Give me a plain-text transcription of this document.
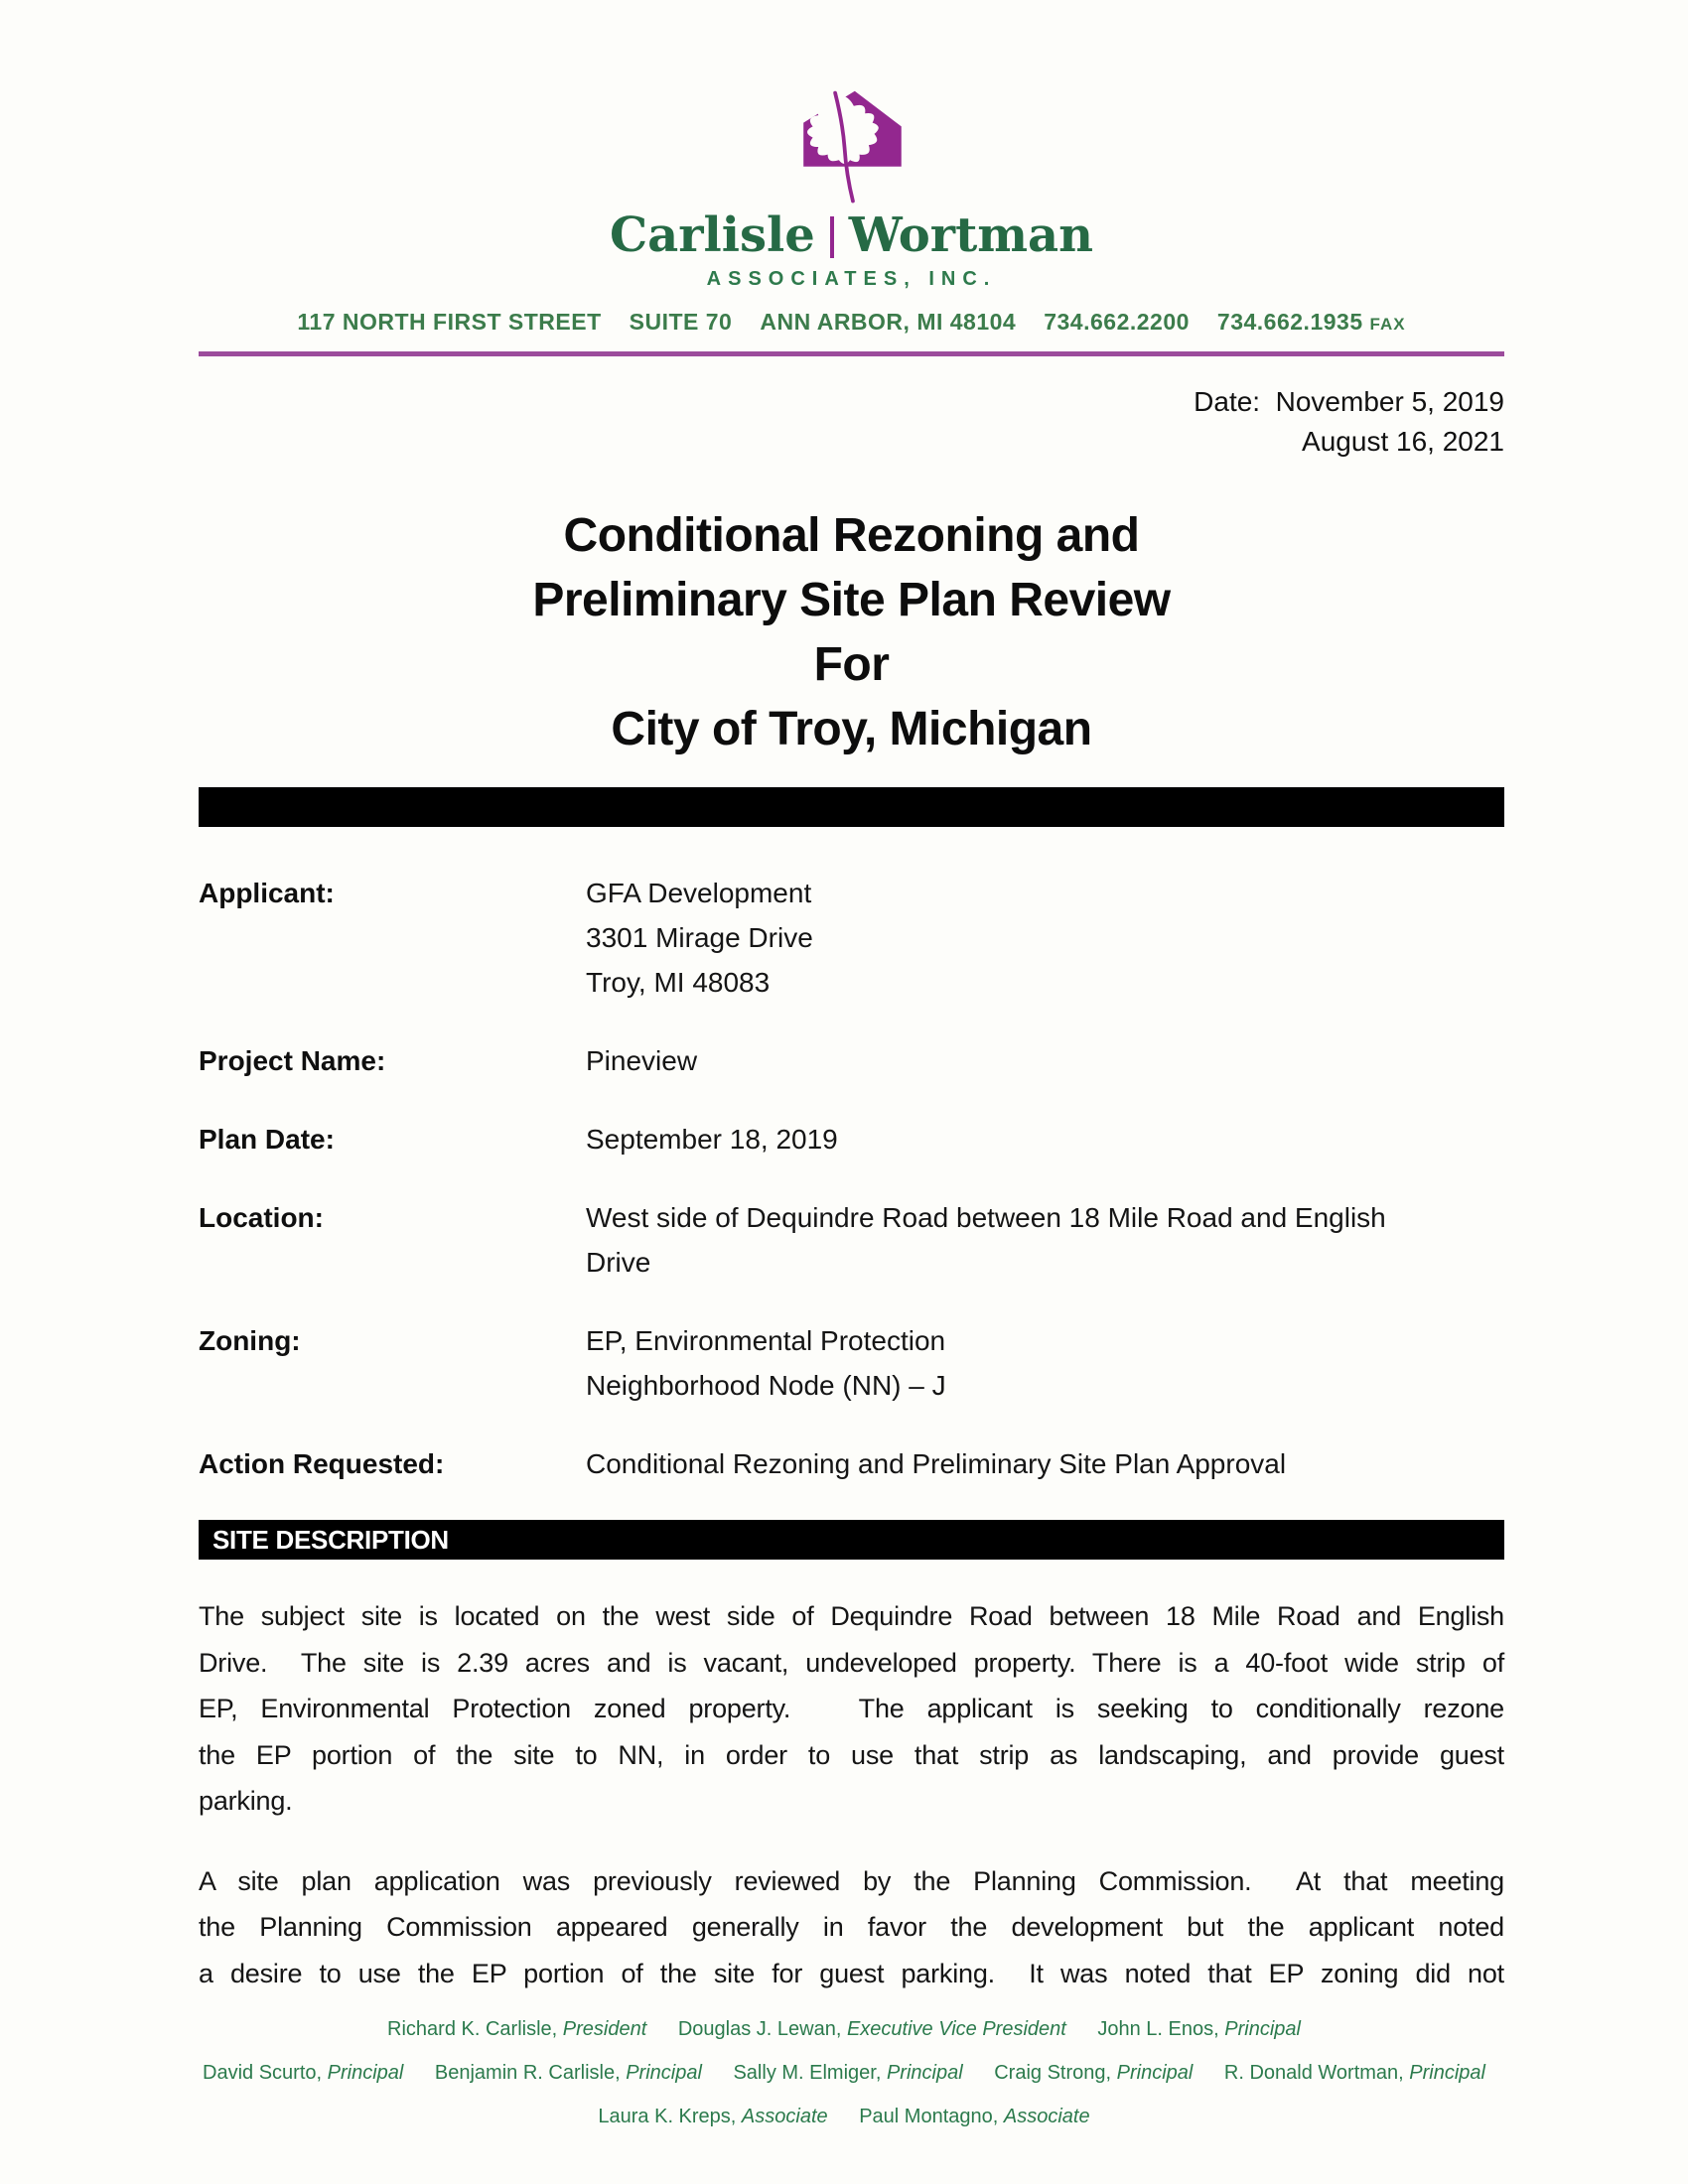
Carlisle Wortman
ASSOCIATES, INC.
117 NORTH FIRST STREET SUITE 70 ANN ARBOR, MI 48104 734.662.2200 734.662.1935 FAX
Date:  November 5, 2019
August 16, 2021
Conditional Rezoning and
Preliminary Site Plan Review
For
City of Troy, Michigan
Applicant:	GFA Development
3301 Mirage Drive
Troy, MI 48083
Project Name:	Pineview
Plan Date:	September 18, 2019
Location:	West side of Dequindre Road between 18 Mile Road and English
Drive
Zoning:	EP, Environmental Protection
Neighborhood Node (NN) – J
Action Requested:	Conditional Rezoning and Preliminary Site Plan Approval
SITE DESCRIPTION
The subject site is located on the west side of Dequindre Road between 18 Mile Road and English
Drive.  The site is 2.39 acres and is vacant, undeveloped property. There is a 40-foot wide strip of
EP, Environmental Protection zoned property.   The applicant is seeking to conditionally rezone
the EP portion of the site to NN, in order to use that strip as landscaping, and provide guest
parking.
A site plan application was previously reviewed by the Planning Commission.  At that meeting
the Planning Commission appeared generally in favor the development but the applicant noted
a desire to use the EP portion of the site for guest parking.  It was noted that EP zoning did not
Richard K. Carlisle, President Douglas J. Lewan, Executive Vice President John L. Enos, Principal
David Scurto, Principal Benjamin R. Carlisle, Principal Sally M. Elmiger, Principal Craig Strong, Principal R. Donald Wortman, Principal
Laura K. Kreps, Associate Paul Montagno, Associate
